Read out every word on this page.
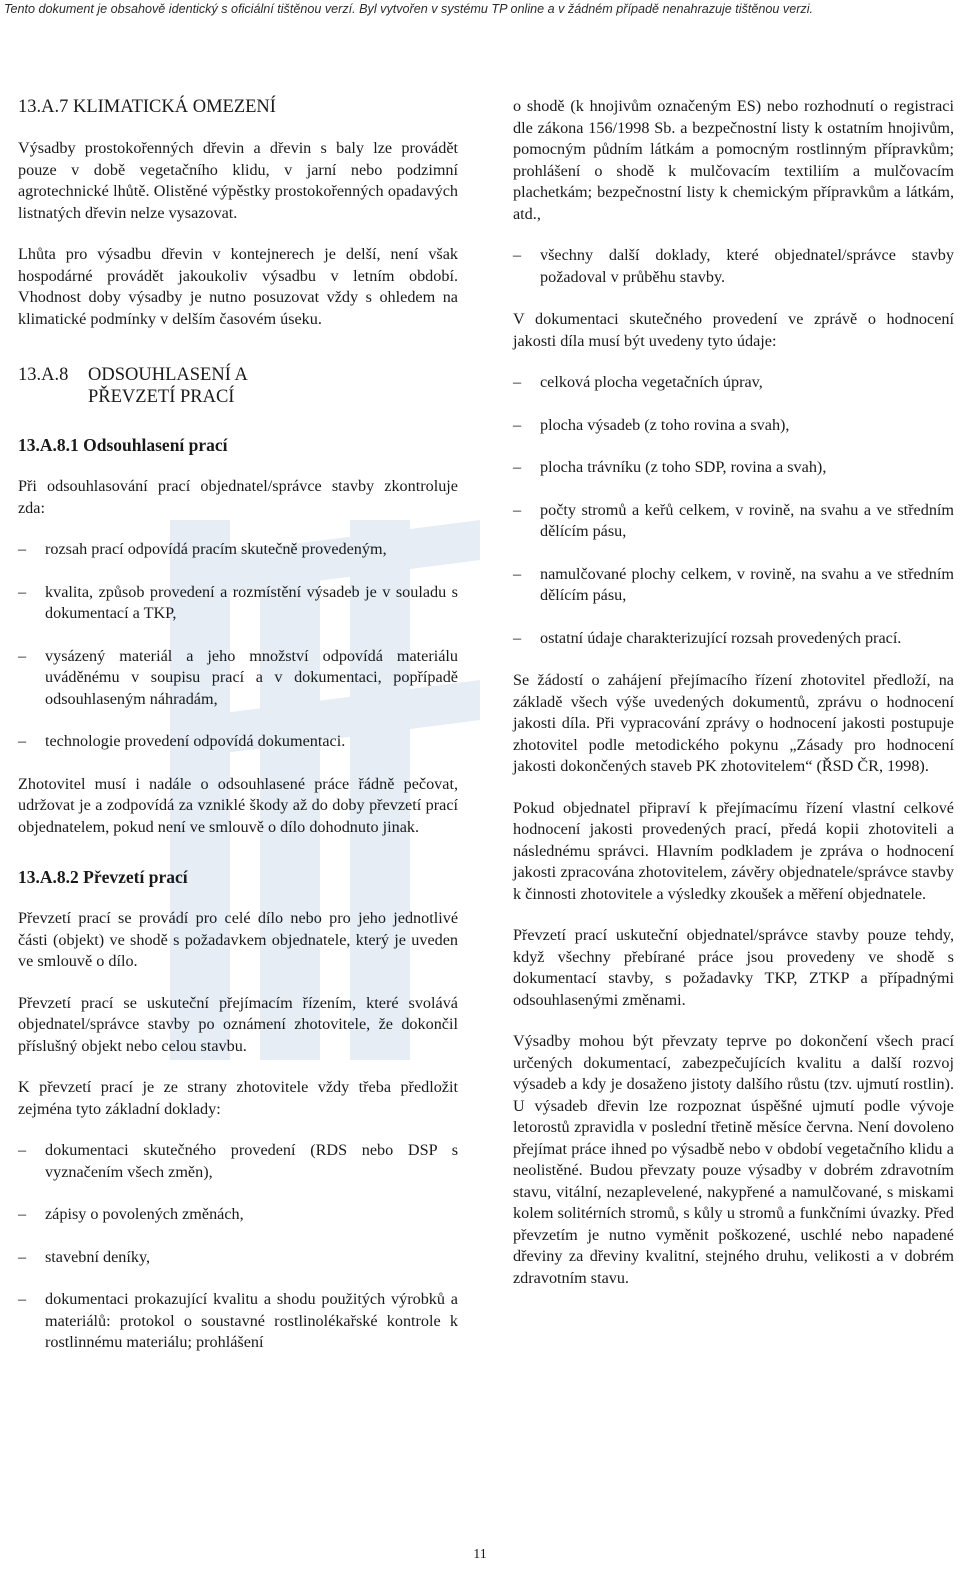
Tento dokument je obsahově identický s oficiální tištěnou verzí. Byl vytvořen v systému TP online a v žádném případě nenahrazuje tištěnou verzi.
13.A.7 KLIMATICKÁ OMEZENÍ

Výsadby prostokořenných dřevin a dřevin s baly lze provádět pouze v době vegetačního klidu, v jarní nebo podzimní agrotechnické lhůtě. Olistěné výpěstky prostokořenných opadavých listnatých dřevin nelze vysazovat.

Lhůta pro výsadbu dřevin v kontejnerech je delší, není však hospodárné provádět jakoukoliv výsadbu v letním období. Vhodnost doby výsadby je nutno posuzovat vždy s ohledem na klimatické podmínky v delším časovém úseku.

13.A.8	ODSOUHLASENÍ A PŘEVZETÍ PRACÍ
13.A.8.1 Odsouhlasení prací

Při odsouhlasování prací objednatel/správce stavby zkontroluje zda:

– rozsah prací odpovídá pracím skutečně provedeným,
– kvalita, způsob provedení a rozmístění výsadeb je v souladu s dokumentací a TKP,
– vysázený materiál a jeho množství odpovídá materiálu uváděnému v soupisu prací a v dokumentaci, popřípadě odsouhlaseným náhradám,
– technologie provedení odpovídá dokumentaci.

Zhotovitel musí i nadále o odsouhlasené práce řádně pečovat, udržovat je a zodpovídá za vzniklé škody až do doby převzetí prací objednatelem, pokud není ve smlouvě o dílo dohodnuto jinak.

13.A.8.2 Převzetí prací

Převzetí prací se provádí pro celé dílo nebo pro jeho jednotlivé části (objekt) ve shodě s požadavkem objednatele, který je uveden ve smlouvě o dílo.

Převzetí prací se uskuteční přejímacím řízením, které svolává objednatel/správce stavby po oznámení zhotovitele, že dokončil příslušný objekt nebo celou stavbu.

K převzetí prací je ze strany zhotovitele vždy třeba předložit zejména tyto základní doklady:

– dokumentaci skutečného provedení (RDS nebo DSP s vyznačením všech změn),
– zápisy o povolených změnách,
– stavební deníky,
– dokumentaci prokazující kvalitu a shodu použitých výrobků a materiálů: protokol o soustavné rostlinolékařské kontrole k rostlinnému materiálu; prohlášení

o shodě (k hnojivům označeným ES) nebo rozhodnutí o registraci dle zákona 156/1998 Sb. a bezpečnostní listy k ostatním hnojivům, pomocným půdním látkám a pomocným rostlinným přípravkům; prohlášení o shodě k mulčovacím textiliím a mulčovacím plachetkám; bezpečnostní listy k chemickým přípravkům a látkám, atd.,

– všechny další doklady, které objednatel/správce stavby požadoval v průběhu stavby.

V dokumentaci skutečného provedení ve zprávě o hodnocení jakosti díla musí být uvedeny tyto údaje:

– celková plocha vegetačních úprav,
– plocha výsadeb (z toho rovina a svah),
– plocha trávníku (z toho SDP, rovina a svah),
– počty stromů a keřů celkem, v rovině, na svahu a ve středním dělícím pásu,
– namulčované plochy celkem, v rovině, na svahu a ve středním dělícím pásu,
– ostatní údaje charakterizující rozsah provedených prací.

Se žádostí o zahájení přejímacího řízení zhotovitel předloží, na základě všech výše uvedených dokumentů, zprávu o hodnocení jakosti díla. Při vypracování zprávy o hodnocení jakosti postupuje zhotovitel podle metodického pokynu „Zásady pro hodnocení jakosti dokončených staveb PK zhotovitelem“ (ŘSD ČR, 1998).

Pokud objednatel připraví k přejímacímu řízení vlastní celkové hodnocení jakosti provedených prací, předá kopii zhotoviteli a následnému správci. Hlavním podkladem je zpráva o hodnocení jakosti zpracována zhotovitelem, závěry objednatele/správce stavby k činnosti zhotovitele a výsledky zkoušek a měření objednatele.

Převzetí prací uskuteční objednatel/správce stavby pouze tehdy, když všechny přebírané práce jsou provedeny ve shodě s dokumentací stavby, s požadavky TKP, ZTKP a případnými odsouhlasenými změnami.

Výsadby mohou být převzaty teprve po dokončení všech prací určených dokumentací, zabezpečujících kvalitu a další rozvoj výsadeb a kdy je dosaženo jistoty dalšího růstu (tzv. ujmutí rostlin). U výsadeb dřevin lze rozpoznat úspěšné ujmutí podle vývoje letorostů zpravidla v poslední třetině měsíce června. Není dovoleno přejímat práce ihned po výsadbě nebo v období vegetačního klidu a neolistěné. Budou převzaty pouze výsadby v dobrém zdravotním stavu, vitální, nezaplevelené, nakypřené a namulčované, s miskami kolem solitérních stromů, s kůly u stromů a funkčními úvazky. Před převzetím je nutno vyměnit poškozené, uschlé nebo napadené dřeviny za dřeviny kvalitní, stejného druhu, velikosti a v dobrém zdravotním stavu.

11
